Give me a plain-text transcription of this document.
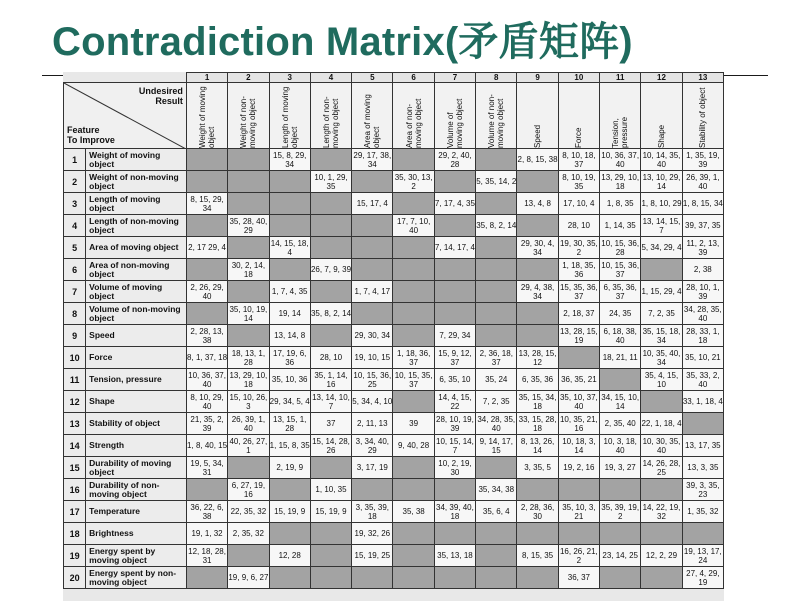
Contradiction Matrix(矛盾矩阵)
		1	2	3	4	5	6	7	8	9	10	11	12	13

Undesired
Result
Feature
To Improve		Weight of moving object	Weight of non-moving object	Length of moving object	Length of non-moving object	Area of moving object	Area of non-moving object	Volume of moving object	Volume of non-moving object	Speed	Force	Tension, pressure	Shape	Stability of object

1	Weight of moving object			15, 8, 29, 34		29, 17, 38, 34		29, 2, 40, 28		2, 8, 15, 38	8, 10, 18, 37	10, 36, 37, 40	10, 14, 35, 40	1, 35, 19, 39
2	Weight of non-moving object				10, 1, 29, 35		35, 30, 13, 2		5, 35, 14, 2		8, 10, 19, 35	13, 29, 10, 18	13, 10, 29, 14	26, 39, 1, 40
3	Length of moving object	8, 15, 29, 34				15, 17, 4		7, 17, 4, 35		13, 4, 8	17, 10, 4	1, 8, 35	1, 8, 10, 29	1, 8, 15, 34
4	Length of non-moving object		35, 28, 40, 29				17, 7, 10, 40		35, 8, 2, 14		28, 10	1, 14, 35	13, 14, 15, 7	39, 37, 35
5	Area of moving object	2, 17 29, 4		14, 15, 18, 4				7, 14, 17, 4		29, 30, 4, 34	19, 30, 35, 2	10, 15, 36, 28	5, 34, 29, 4	11, 2, 13, 39
6	Area of non-moving object		30, 2, 14, 18		26, 7, 9, 39						1, 18, 35, 36	10, 15, 36, 37		2, 38
7	Volume of moving object	2, 26, 29, 40		1, 7, 4, 35		1, 7, 4, 17				29, 4, 38, 34	15, 35, 36, 37	6, 35, 36, 37	1, 15, 29, 4	28, 10, 1, 39
8	Volume of non-moving object		35, 10, 19, 14	19, 14	35, 8, 2, 14						2, 18, 37	24, 35	7, 2, 35	34, 28, 35, 40
9	Speed	2, 28, 13, 38		13, 14, 8		29, 30, 34		7, 29, 34			13, 28, 15, 19	6, 18, 38, 40	35, 15, 18, 34	28, 33, 1, 18
10	Force	8, 1, 37, 18	18, 13, 1, 28	17, 19, 6, 36	28, 10	19, 10, 15	1, 18, 36, 37	15, 9, 12, 37	2, 36, 18, 37	13, 28, 15, 12		18, 21, 11	10, 35, 40, 34	35, 10, 21
11	Tension, pressure	10, 36, 37, 40	13, 29, 10, 18	35, 10, 36	35, 1, 14, 16	10, 15, 36, 25	10, 15, 35, 37	6, 35, 10	35, 24	6, 35, 36	36, 35, 21		35, 4, 15, 10	35, 33, 2, 40
12	Shape	8, 10, 29, 40	15, 10, 26, 3	29, 34, 5, 4	13, 14, 10, 7	5, 34, 4, 10		14, 4, 15, 22	7, 2, 35	35, 15, 34, 18	35, 10, 37, 40	34, 15, 10, 14		33, 1, 18, 4
13	Stability of object	21, 35, 2, 39	26, 39, 1, 40	13, 15, 1, 28	37	2, 11, 13	39	28, 10, 19, 39	34, 28, 35, 40	33, 15, 28, 18	10, 35, 21, 16	2, 35, 40	22, 1, 18, 4	
14	Strength	1, 8, 40, 15	40, 26, 27, 1	1, 15, 8, 35	15, 14, 28, 26	3, 34, 40, 29	9, 40, 28	10, 15, 14, 7	9, 14, 17, 15	8, 13, 26, 14	10, 18, 3, 14	10, 3, 18, 40	10, 30, 35, 40	13, 17, 35
15	Durability of moving object	19, 5, 34, 31		2, 19, 9		3, 17, 19		10, 2, 19, 30		3, 35, 5	19, 2, 16	19, 3, 27	14, 26, 28, 25	13, 3, 35
16	Durability of non-moving object		6, 27, 19, 16		1, 10, 35				35, 34, 38					39, 3, 35, 23
17	Temperature	36, 22, 6, 38	22, 35, 32	15, 19, 9	15, 19, 9	3, 35, 39, 18	35, 38	34, 39, 40, 18	35, 6, 4	2, 28, 36, 30	35, 10, 3, 21	35, 39, 19, 2	14, 22, 19, 32	1, 35, 32
18	Brightness	19, 1, 32	2, 35, 32			19, 32, 26								
19	Energy spent by moving object	12, 18, 28, 31		12, 28		15, 19, 25		35, 13, 18		8, 15, 35	16, 26, 21, 2	23, 14, 25	12, 2, 29	19, 13, 17, 24
20	Energy spent by non-moving object		19, 9, 6, 27								36, 37			27, 4, 29, 19
